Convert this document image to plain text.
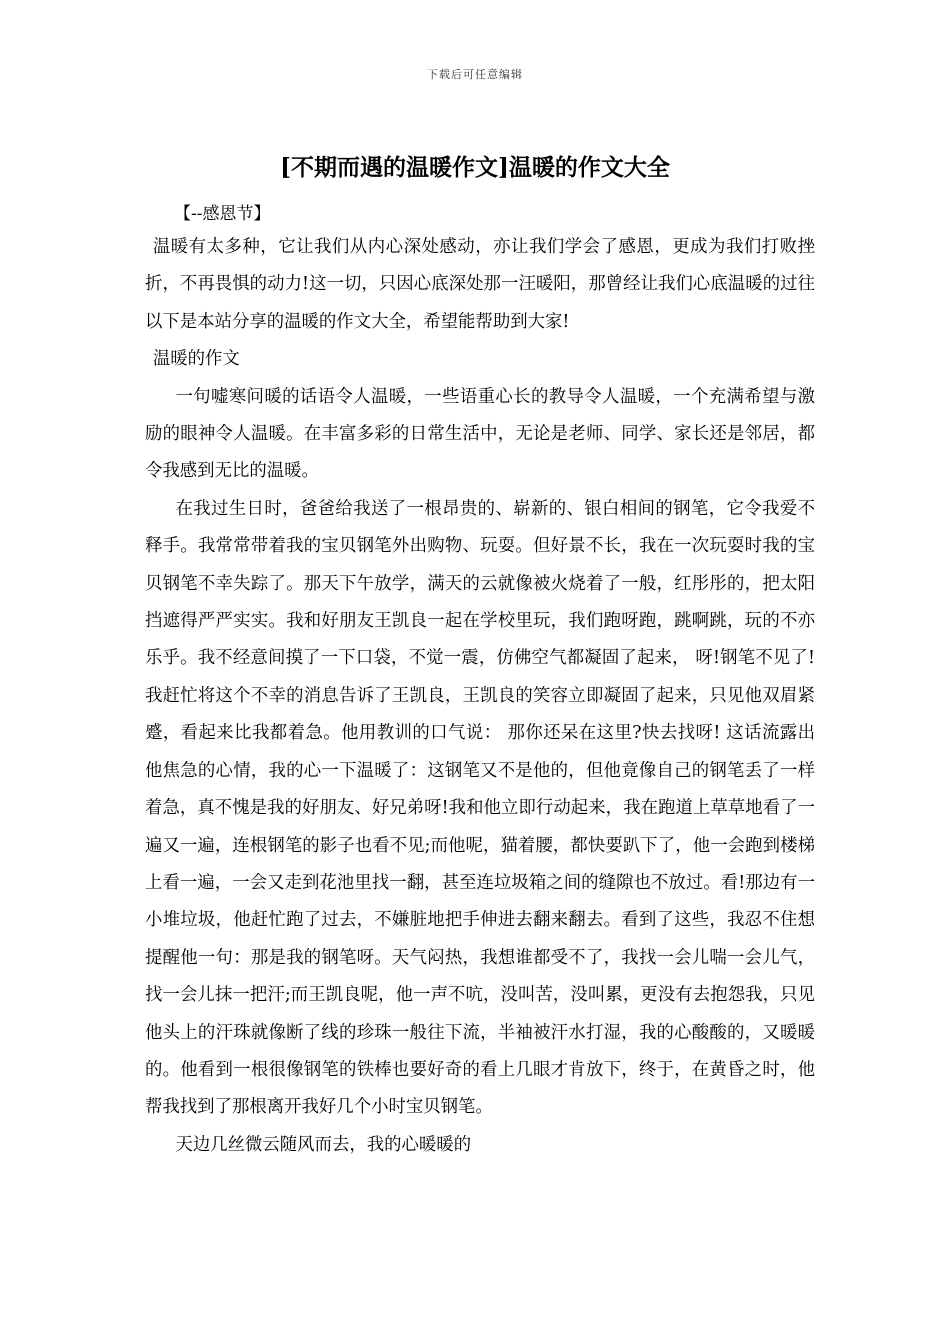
下载后可任意编辑
[不期而遇的温暖作文]温暖的作文大全
【--感恩节】

温暖有太多种，它让我们从内心深处感动，亦让我们学会了感恩，更成为我们打败挫折，不再畏惧的动力!这一切，只因心底深处那一汪暖阳，那曾经让我们心底温暖的过往 以下是本站分享的温暖的作文大全，希望能帮助到大家!

温暖的作文

一句嘘寒问暖的话语令人温暖，一些语重心长的教导令人温暖，一个充满希望与激励的眼神令人温暖。在丰富多彩的日常生活中，无论是老师、同学、家长还是邻居，都令我感到无比的温暖。

在我过生日时，爸爸给我送了一根昂贵的、崭新的、银白相间的钢笔，它令我爱不释手。我常常带着我的宝贝钢笔外出购物、玩耍。但好景不长，我在一次玩耍时我的宝贝钢笔不幸失踪了。那天下午放学，满天的云就像被火烧着了一般，红彤彤的，把太阳挡遮得严严实实。我和好朋友王凯良一起在学校里玩，我们跑呀跑，跳啊跳，玩的不亦乐乎。我不经意间摸了一下口袋，不觉一震，仿佛空气都凝固了起来， 呀!钢笔不见了! 我赶忙将这个不幸的消息告诉了王凯良，王凯良的笑容立即凝固了起来，只见他双眉紧蹙，看起来比我都着急。他用教训的口气说： 那你还呆在这里?快去找呀! 这话流露出他焦急的心情，我的心一下温暖了：这钢笔又不是他的，但他竟像自己的钢笔丢了一样着急，真不愧是我的好朋友、好兄弟呀!我和他立即行动起来，我在跑道上草草地看了一遍又一遍，连根钢笔的影子也看不见;而他呢，猫着腰，都快要趴下了，他一会跑到楼梯上看一遍，一会又走到花池里找一翻，甚至连垃圾箱之间的缝隙也不放过。看!那边有一小堆垃圾，他赶忙跑了过去，不嫌脏地把手伸进去翻来翻去。看到了这些，我忍不住想提醒他一句：那是我的钢笔呀。天气闷热，我想谁都受不了，我找一会儿喘一会儿气，找一会儿抹一把汗;而王凯良呢，他一声不吭，没叫苦，没叫累，更没有去抱怨我，只见他头上的汗珠就像断了线的珍珠一般往下流，半袖被汗水打湿，我的心酸酸的，又暖暖的。他看到一根很像钢笔的铁棒也要好奇的看上几眼才肯放下，终于，在黄昏之时，他帮我找到了那根离开我好几个小时宝贝钢笔。

天边几丝微云随风而去，我的心暖暖的
